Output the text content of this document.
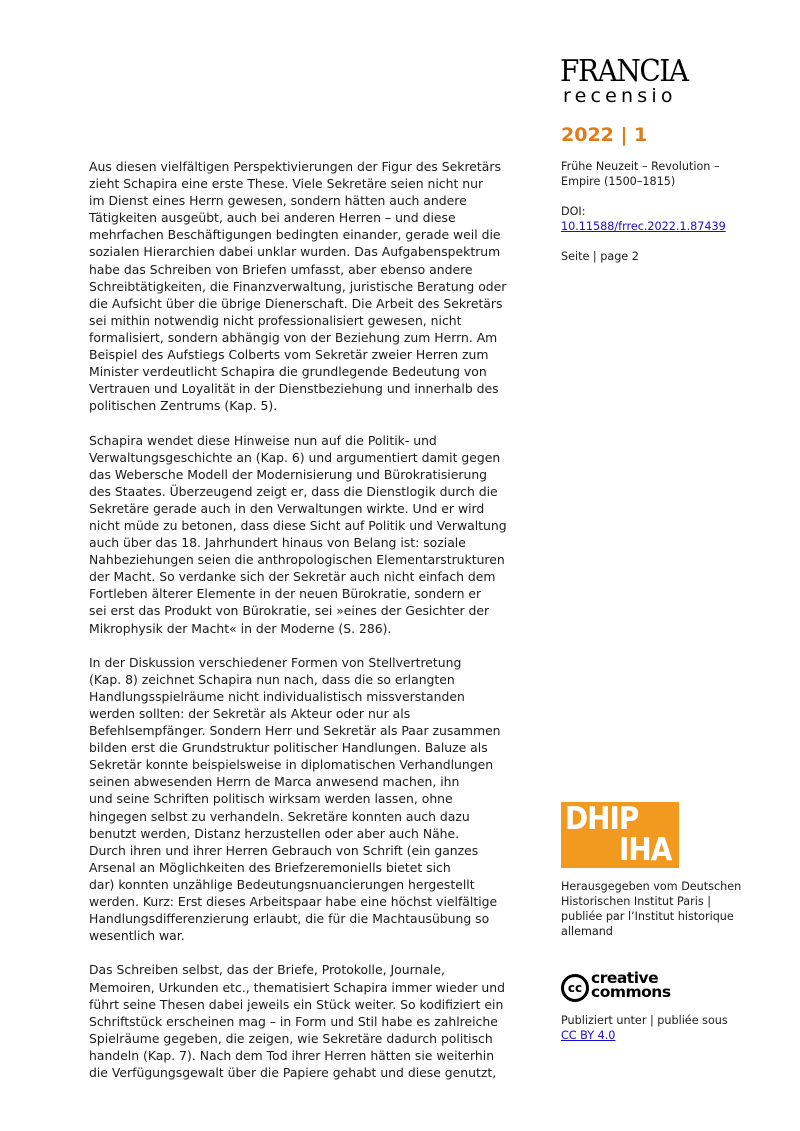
FRANCIA
recensio

Aus diesen vielfältigen Perspektivierungen der Figur des Sekretärs
zieht Schapira eine erste These. Viele Sekretäre seien nicht nur
im Dienst eines Herrn gewesen, sondern hätten auch andere
Tätigkeiten ausgeübt, auch bei anderen Herren – und diese
mehrfachen Beschäftigungen bedingten einander, gerade weil die
sozialen Hierarchien dabei unklar wurden. Das Aufgabenspektrum
habe das Schreiben von Briefen umfasst, aber ebenso andere
Schreibtätigkeiten, die Finanzverwaltung, juristische Beratung oder
die Aufsicht über die übrige Dienerschaft. Die Arbeit des Sekretärs
sei mithin notwendig nicht professionalisiert gewesen, nicht
formalisiert, sondern abhängig von der Beziehung zum Herrn. Am
Beispiel des Aufstiegs Colberts vom Sekretär zweier Herren zum
Minister verdeutlicht Schapira die grundlegende Bedeutung von
Vertrauen und Loyalität in der Dienstbeziehung und innerhalb des
politischen Zentrums (Kap. 5).

Schapira wendet diese Hinweise nun auf die Politik- und
Verwaltungsgeschichte an (Kap. 6) und argumentiert damit gegen
das Webersche Modell der Modernisierung und Bürokratisierung
des Staates. Überzeugend zeigt er, dass die Dienstlogik durch die
Sekretäre gerade auch in den Verwaltungen wirkte. Und er wird
nicht müde zu betonen, dass diese Sicht auf Politik und Verwaltung
auch über das 18. Jahrhundert hinaus von Belang ist: soziale
Nahbeziehungen seien die anthropologischen Elementarstrukturen
der Macht. So verdanke sich der Sekretär auch nicht einfach dem
Fortleben älterer Elemente in der neuen Bürokratie, sondern er
sei erst das Produkt von Bürokratie, sei »eines der Gesichter der
Mikrophysik der Macht« in der Moderne (S. 286).

In der Diskussion verschiedener Formen von Stellvertretung
(Kap. 8) zeichnet Schapira nun nach, dass die so erlangten
Handlungsspielräume nicht individualistisch missverstanden
werden sollten: der Sekretär als Akteur oder nur als
Befehlsempfänger. Sondern Herr und Sekretär als Paar zusammen
bilden erst die Grundstruktur politischer Handlungen. Baluze als
Sekretär konnte beispielsweise in diplomatischen Verhandlungen
seinen abwesenden Herrn de Marca anwesend machen, ihn
und seine Schriften politisch wirksam werden lassen, ohne
hingegen selbst zu verhandeln. Sekretäre konnten auch dazu
benutzt werden, Distanz herzustellen oder aber auch Nähe.
Durch ihren und ihrer Herren Gebrauch von Schrift (ein ganzes
Arsenal an Möglichkeiten des Briefzeremoniells bietet sich
dar) konnten unzählige Bedeutungsnuancierungen hergestellt
werden. Kurz: Erst dieses Arbeitspaar habe eine höchst vielfältige
Handlungsdifferenzierung erlaubt, die für die Machtausübung so
wesentlich war.

Das Schreiben selbst, das der Briefe, Protokolle, Journale,
Memoiren, Urkunden etc., thematisiert Schapira immer wieder und
führt seine Thesen dabei jeweils ein Stück weiter. So kodifiziert ein
Schriftstück erscheinen mag – in Form und Stil habe es zahlreiche
Spielräume gegeben, die zeigen, wie Sekretäre dadurch politisch
handeln (Kap. 7). Nach dem Tod ihrer Herren hätten sie weiterhin
die Verfügungsgewalt über die Papiere gehabt und diese genutzt,

2022 | 1

Frühe Neuzeit – Revolution –
Empire (1500–1815)

DOI:
10.11588/frrec.2022.1.87439

Seite | page 2

DHIP
IHA
Herausgegeben vom Deutschen
Historischen Institut Paris |
publiée par l’Institut historique
allemand
cc
creative
commons
Publiziert unter | publiée sous
CC BY 4.0
